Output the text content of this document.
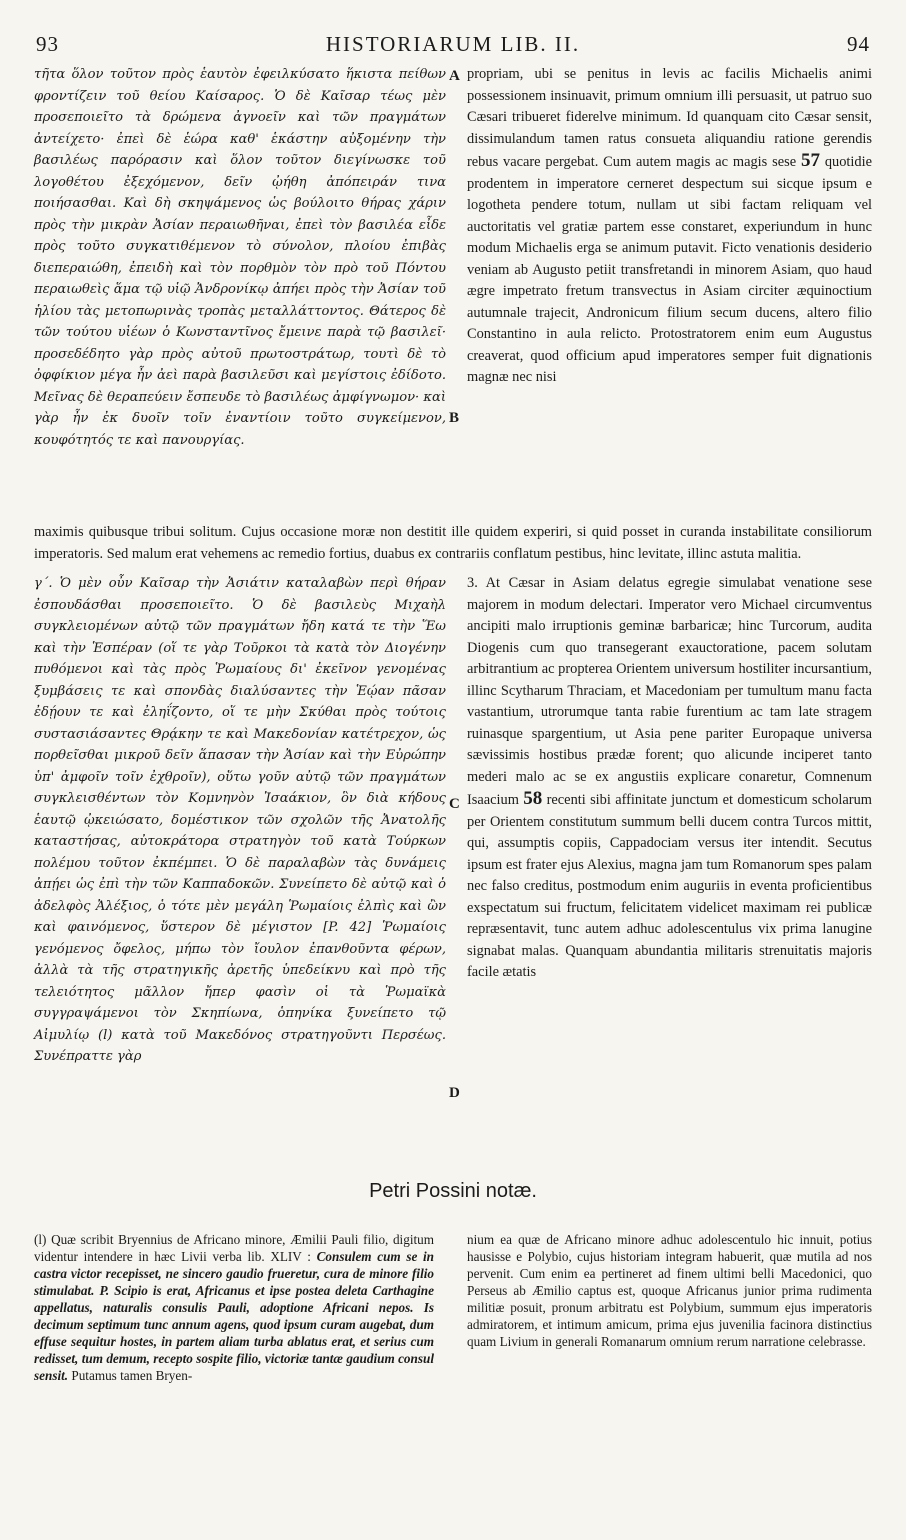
93	HISTORIARUM LIB. II.	94

τῆτα ὅλον τοῦτον πρὸς ἑαυτὸν ἐφειλκύσατο ἥκιστα πείθων φροντίζειν τοῦ θείου Καίσαρος. Ὁ δὲ Καῖσαρ τέως μὲν προσεποιεῖτο τὰ δρώμενα ἀγνοεῖν καὶ τῶν πραγμάτων ἀντείχετο· ἐπεὶ δὲ ἑώρα καθ' ἑκάστην αὐξομένην τὴν βασιλέως παρόρασιν καὶ ὅλον τοῦτον διεγίνωσκε τοῦ λογοθέτου ἐξεχόμενον, δεῖν ᾠήθη ἀπόπειράν τινα ποιήσασθαι. Καὶ δὴ σκηψάμενος ὡς βούλοιτο θήρας χάριν πρὸς τὴν μικρὰν Ἀσίαν περαιωθῆναι, ἐπεὶ τὸν βασιλέα εἶδε πρὸς τοῦτο συγκατιθέμενον τὸ σύνολον, πλοίου ἐπιβὰς διεπεραιώθη, ἐπειδὴ καὶ τὸν πορθμὸν τὸν πρὸ τοῦ Πόντου περαιωθεὶς ἅμα τῷ υἱῷ Ἀνδρονίκῳ ἀπήει πρὸς τὴν Ἀσίαν τοῦ ἡλίου τὰς μετοπωρινὰς τροπὰς μεταλλάττοντος. Θάτερος δὲ τῶν τούτου υἱέων ὁ Κωνσταντῖνος ἔμεινε παρὰ τῷ βασιλεῖ· προσεδέδητο γὰρ πρὸς αὐτοῦ πρωτοστράτωρ, τουτὶ δὲ τὸ ὀφφίκιον μέγα ἦν ἀεὶ παρὰ βασιλεῦσι καὶ μεγίστοις ἐδίδοτο. Μεῖνας δὲ θεραπεύειν ἔσπευδε τὸ βασιλέως ἀμφίγνωμον· καὶ γὰρ ἦν ἐκ δυοῖν τοῖν ἐναντίοιν τοῦτο συγκείμενον, κουφότητός τε καὶ πανουργίας.

A
B

propriam, ubi se penitus in levis ac facilis Michaelis animi possessionem insinuavit, primum omnium illi persuasit, ut patruo suo Cæsari tribueret fiderelve minimum. Id quanquam cito Cæsar sensit, dissimulandum tamen ratus consueta aliquandiu ratione gerendis rebus vacare pergebat. Cum autem magis ac magis sese 57 quotidie prodentem in imperatore cerneret despectum sui sicque ipsum e logotheta pendere totum, nullam ut sibi factam reliquam vel auctoritatis vel gratiæ partem esse constaret, experiundum in hunc modum Michaelis erga se animum putavit. Ficto venationis desiderio veniam ab Augusto petiit transfretandi in minorem Asiam, quo haud ægre impetrato fretum transvectus in Asiam circiter æquinoctium autumnale trajecit, Andronicum filium secum ducens, altero filio Constantino in aula relicto. Protostratorem enim eum Augustus creaverat, quod officium apud imperatores semper fuit dignationis magnæ nec nisi

maximis quibusque tribui solitum. Cujus occasione moræ non destitit ille quidem experiri, si quid posset in curanda instabilitate consiliorum imperatoris. Sed malum erat vehemens ac remedio fortius, duabus ex contrariis conflatum pestibus, hinc levitate, illinc astuta malitia.

γ΄. Ὁ μὲν οὖν Καῖσαρ τὴν Ἀσιάτιν καταλαβὼν περὶ θήραν ἐσπουδάσθαι προσεποιεῖτο. Ὁ δὲ βασιλεὺς Μιχαὴλ συγκλειομένων αὐτῷ τῶν πραγμάτων ἤδη κατά τε τὴν Ἕω καὶ τὴν Ἑσπέραν (οἵ τε γὰρ Τοῦρκοι τὰ κατὰ τὸν Διογένην πυθόμενοι καὶ τὰς πρὸς Ῥωμαίους δι' ἐκεῖνον γενομένας ξυμβάσεις τε καὶ σπονδὰς διαλύσαντες τὴν Ἑῴαν πᾶσαν ἐδῄουν τε καὶ ἐληΐζοντο, οἵ τε μὴν Σκύθαι πρὸς τούτοις συστασιάσαντες Θρᾴκην τε καὶ Μακεδονίαν κατέτρεχον, ὡς πορθεῖσθαι μικροῦ δεῖν ἅπασαν τὴν Ἀσίαν καὶ τὴν Εὐρώπην ὑπ' ἀμφοῖν τοῖν ἐχθροῖν), οὕτω γοῦν αὐτῷ τῶν πραγμάτων συγκλεισθέντων τὸν Κομνηνὸν Ἰσαάκιον, ὃν διὰ κήδους ἑαυτῷ ᾠκειώσατο, δομέστικον τῶν σχολῶν τῆς Ἀνατολῆς καταστήσας, αὐτοκράτορα στρατηγὸν τοῦ κατὰ Τούρκων πολέμου τοῦτον ἐκπέμπει. Ὁ δὲ παραλαβὼν τὰς δυνάμεις ἀπῄει ὡς ἐπὶ τὴν τῶν Καππαδοκῶν. Συνείπετο δὲ αὐτῷ καὶ ὁ ἀδελφὸς Ἀλέξιος, ὁ τότε μὲν μεγάλη Ῥωμαίοις ἐλπὶς καὶ ὢν καὶ φαινόμενος, ὕστερον δὲ μέγιστον [P. 42] Ῥωμαίοις γενόμενος ὄφελος, μήπω τὸν ἴουλον ἐπανθοῦντα φέρων, ἀλλὰ τὰ τῆς στρατηγικῆς ἀρετῆς ὑπεδείκνυ καὶ πρὸ τῆς τελειότητος μᾶλλον ἤπερ φασὶν οἱ τὰ Ῥωμαϊκὰ συγγραψάμενοι τὸν Σκηπίωνα, ὁπηνίκα ξυνείπετο τῷ Αἰμυλίῳ (l) κατὰ τοῦ Μακεδόνος στρατηγοῦντι Περσέως. Συνέπραττε γὰρ

C
D

3. At Cæsar in Asiam delatus egregie simulabat venatione sese majorem in modum delectari. Imperator vero Michael circumventus ancipiti malo irruptionis geminæ barbaricæ; hinc Turcorum, audita Diogenis cum quo transegerant exauctoratione, pacem solutam arbitrantium ac propterea Orientem universum hostiliter incursantium, illinc Scytharum Thraciam, et Macedoniam per tumultum manu facta vastantium, utrorumque tanta rabie furentium ac tam late stragem ruinasque spargentium, ut Asia pene pariter Europaque universa sævissimis hostibus prædæ forent; quo alicunde inciperet tanto mederi malo ac se ex angustiis explicare conaretur, Comnenum Isaacium 58 recenti sibi affinitate junctum et domesticum scholarum per Orientem constitutum summum belli ducem contra Turcos mittit, qui, assumptis copiis, Cappadociam versus iter intendit. Secutus ipsum est frater ejus Alexius, magna jam tum Romanorum spes palam nec falso creditus, postmodum enim auguriis in eventa proficientibus exspectatum sui fructum, felicitatem videlicet maximam rei publicæ repræsentavit, tunc autem adhuc adolescentulus vix prima lanugine signabat malas. Quanquam abundantia militaris strenuitatis majoris facile ætatis

Petri Possini notæ.

(l) Quæ scribit Bryennius de Africano minore, Æmilii Pauli filio, digitum videntur intendere in hæc Livii verba lib. XLIV : Consulem cum se in castra victor recepisset, ne sincero gaudio frueretur, cura de minore filio stimulabat. P. Scipio is erat, Africanus et ipse postea deleta Carthagine appellatus, naturalis consulis Pauli, adoptione Africani nepos. Is decimum septimum tunc annum agens, quod ipsum curam augebat, dum effuse sequitur hostes, in partem aliam turba ablatus erat, et serius cum redisset, tum demum, recepto sospite filio, victoriæ tantæ gaudium consul sensit. Putamus tamen Bryen-

nium ea quæ de Africano minore adhuc adolescentulo hic innuit, potius hausisse e Polybio, cujus historiam integram habuerit, quæ mutila ad nos pervenit. Cum enim ea pertineret ad finem ultimi belli Macedonici, quo Perseus ab Æmilio captus est, quoque Africanus junior prima rudimenta militiæ posuit, pronum arbitratu est Polybium, summum ejus imperatoris admiratorem, et intimum amicum, prima ejus juvenilia facinora distinctius quam Livium in generali Romanarum omnium rerum narratione celebrasse.
